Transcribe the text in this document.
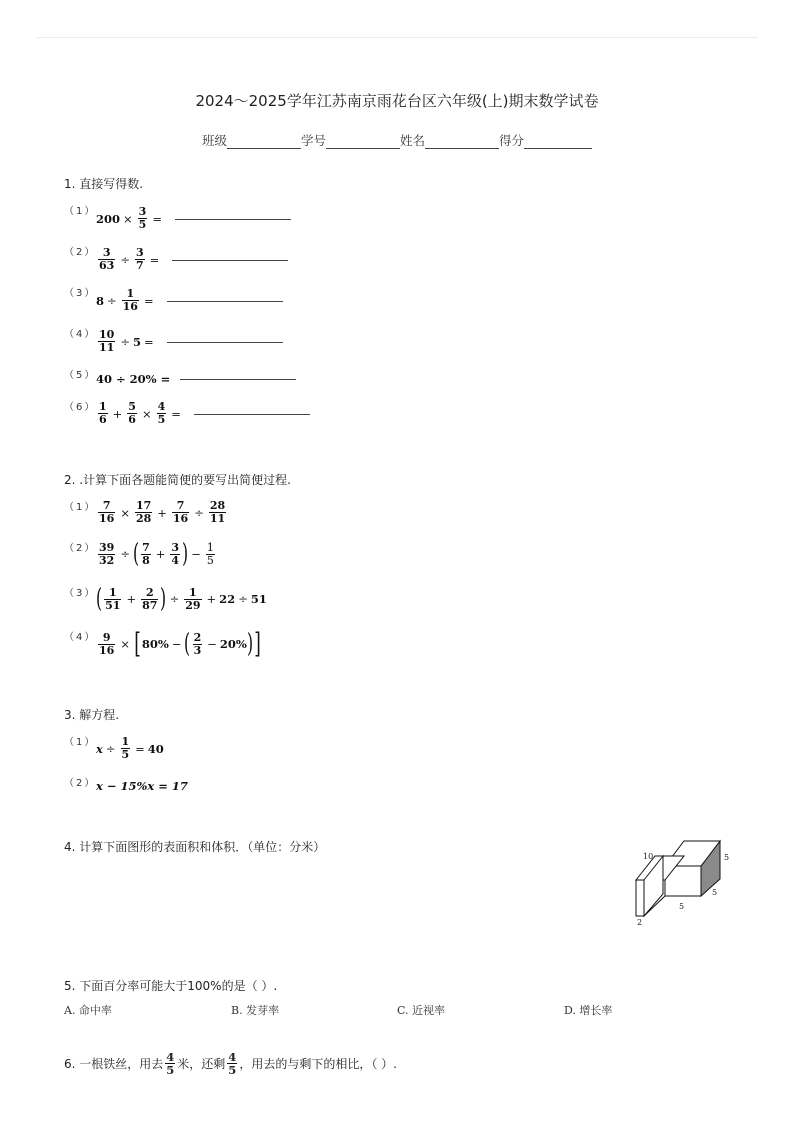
2024～2025学年江苏南京雨花台区六年级(上)期末数学试卷
班级	学号	姓名	得分
1. 直接写得数.
（1） $200 \times \frac{3}{5}$ =
$(2) \frac{3}{63} \div \frac{3}{7}$ =
（3） $8 \div \frac{1}{16}$ =
$(4) \frac{10}{11} \div 5$ =
（5） 40 ÷ 20% =
$(6) \frac{1}{6} + \frac{5}{6} \times \frac{4}{5}$ =
2. .计算下面各题能简便的要写出简便过程.
$(1) \frac{7}{16} \times \frac{17}{28} + \frac{7}{16} \div \frac{28}{11}$
$(2) \frac{39}{32}$ ÷ ( $\frac{7}{8} + \frac{3}{4}$ ) − $\frac{1}{5}$
（3） ( $\frac{1}{51} + \frac{2}{87}$ ) ÷ $\frac{1}{29} + 22 \div 51$
$(4) \frac{9}{16}$ × [ 80% − ( $\frac{2}{3} - 20\%$ ) ]
3. 解方程.
（1） $x \div \frac{1}{5} = 40$
（2） x − 15%x = 17
4. 计算下面图形的表面积和体积．（单位：分米）
10	5
5
2
5
5. 下面百分率可能大于100%的是（ ）.
A. 命中率	B. 发芽率	C. 近视率	D. 增长率
6. 一根铁丝，用去 $\frac{4}{5}$ 米，还剩 $\frac{4}{5}$ ，用去的与剩下的相比，（ ）.
